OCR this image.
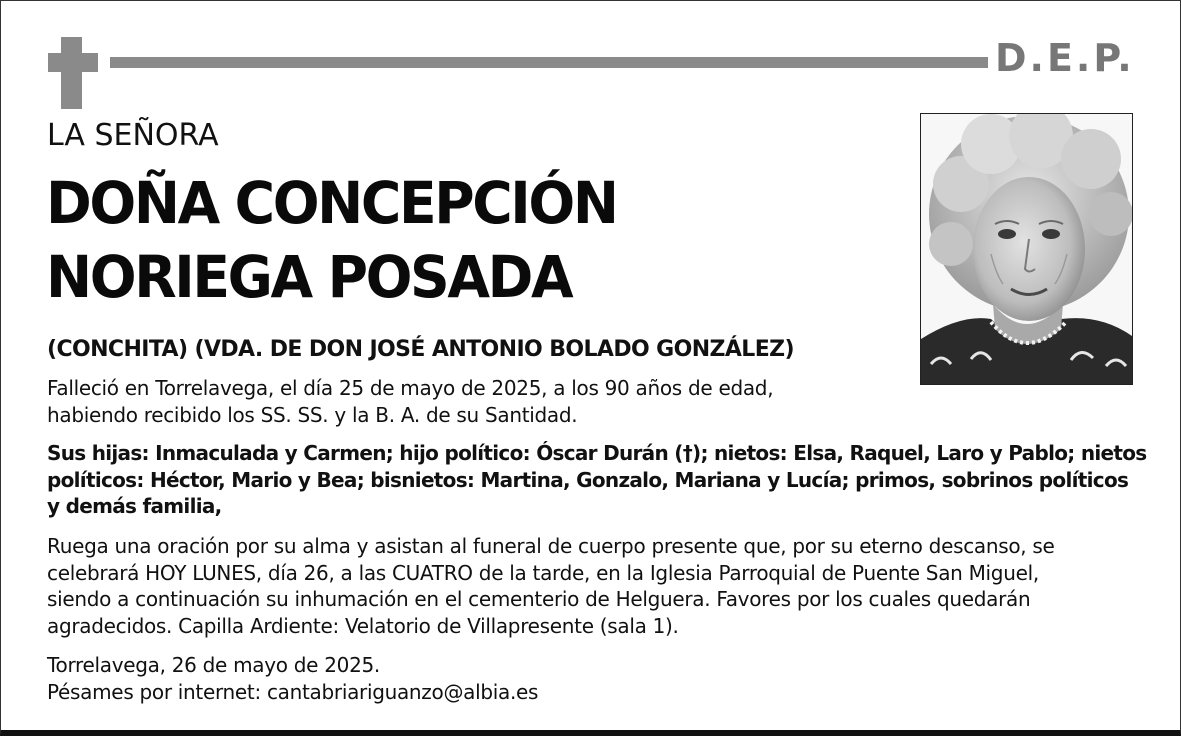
D.E.P.
LA SEÑORA
DOÑA CONCEPCIÓN
NORIEGA POSADA
(CONCHITA) (VDA. DE DON JOSÉ ANTONIO BOLADO GONZÁLEZ)
Falleció en Torrelavega, el día 25 de mayo de 2025, a los 90 años de edad,
habiendo recibido los SS. SS. y la B. A. de su Santidad.
Sus hijas: Inmaculada y Carmen; hijo político: Óscar Durán (†); nietos: Elsa, Raquel, Laro y Pablo; nietos
políticos: Héctor, Mario y Bea; bisnietos: Martina, Gonzalo, Mariana y Lucía; primos, sobrinos políticos
y demás familia,
Ruega una oración por su alma y asistan al funeral de cuerpo presente que, por su eterno descanso, se
celebrará HOY LUNES, día 26, a las CUATRO de la tarde, en la Iglesia Parroquial de Puente San Miguel,
siendo a continuación su inhumación en el cementerio de Helguera. Favores por los cuales quedarán
agradecidos. Capilla Ardiente: Velatorio de Villapresente (sala 1).
Torrelavega, 26 de mayo de 2025.
Pésames por internet: cantabriariguanzo@albia.es
